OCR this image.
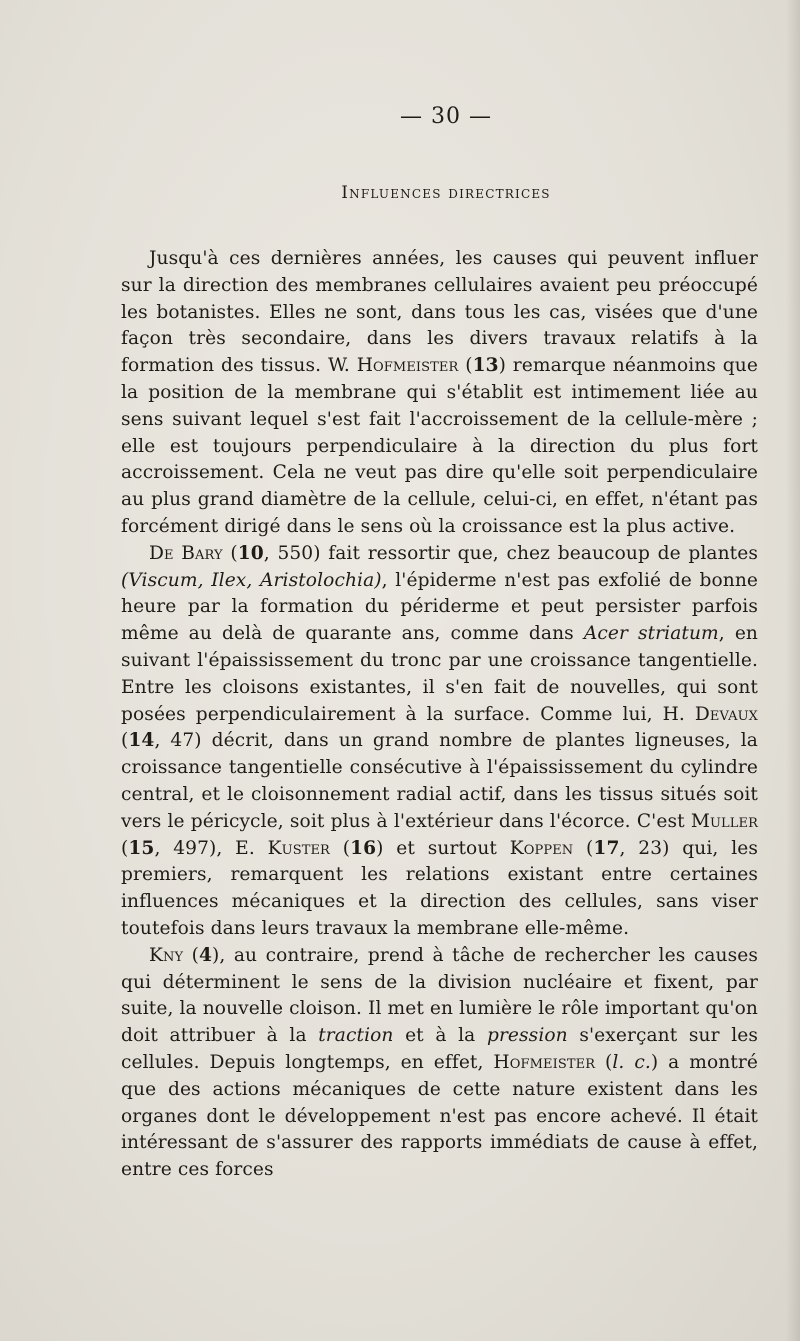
— 30 —
Influences directrices

Jusqu'à ces dernières années, les causes qui peuvent influer sur la direction des membranes cellulaires avaient peu préoccupé les botanistes. Elles ne sont, dans tous les cas, visées que d'une façon très secondaire, dans les divers travaux relatifs à la formation des tissus. W. Hofmeister (13) remarque néanmoins que la position de la membrane qui s'établit est intimement liée au sens suivant lequel s'est fait l'accroissement de la cellule-mère ; elle est toujours perpendiculaire à la direction du plus fort accroissement. Cela ne veut pas dire qu'elle soit perpendiculaire au plus grand diamètre de la cellule, celui-ci, en effet, n'étant pas forcément dirigé dans le sens où la croissance est la plus active.

De Bary (10, 550) fait ressortir que, chez beaucoup de plantes (Viscum, Ilex, Aristolochia), l'épiderme n'est pas exfolié de bonne heure par la formation du périderme et peut persister parfois même au delà de quarante ans, comme dans Acer striatum, en suivant l'épaississement du tronc par une croissance tangentielle. Entre les cloisons existantes, il s'en fait de nouvelles, qui sont posées perpendiculairement à la surface. Comme lui, H. Devaux (14, 47) décrit, dans un grand nombre de plantes ligneuses, la croissance tangentielle consécutive à l'épaississement du cylindre central, et le cloisonnement radial actif, dans les tissus situés soit vers le péricycle, soit plus à l'extérieur dans l'écorce. C'est Muller (15, 497), E. Kuster (16) et surtout Koppen (17, 23) qui, les premiers, remarquent les relations existant entre certaines influences mécaniques et la direction des cellules, sans viser toutefois dans leurs travaux la membrane elle-même.

Kny (4), au contraire, prend à tâche de rechercher les causes qui déterminent le sens de la division nucléaire et fixent, par suite, la nouvelle cloison. Il met en lumière le rôle important qu'on doit attribuer à la traction et à la pression s'exerçant sur les cellules. Depuis longtemps, en effet, Hofmeister (l. c.) a montré que des actions mécaniques de cette nature existent dans les organes dont le développement n'est pas encore achevé. Il était intéressant de s'assurer des rapports immédiats de cause à effet, entre ces forces
